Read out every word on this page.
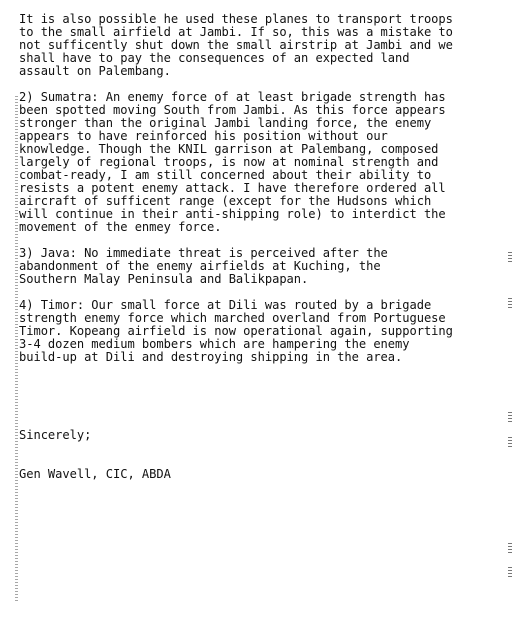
It is also possible he used these planes to transport troops
to the small airfield at Jambi. If so, this was a mistake to
not sufficently shut down the small airstrip at Jambi and we
shall have to pay the consequences of an expected land
assault on Palembang.

2) Sumatra: An enemy force of at least brigade strength has
been spotted moving South from Jambi. As this force appears
stronger than the original Jambi landing force, the enemy
appears to have reinforced his position without our
knowledge. Though the KNIL garrison at Palembang, composed
largely of regional troops, is now at nominal strength and
combat-ready, I am still concerned about their ability to
resists a potent enemy attack. I have therefore ordered all
aircraft of sufficent range (except for the Hudsons which
will continue in their anti-shipping role) to interdict the
movement of the enmey force.

3) Java: No immediate threat is perceived after the
abandonment of the enemy airfields at Kuching, the
Southern Malay Peninsula and Balikpapan.

4) Timor: Our small force at Dili was routed by a brigade
strength enemy force which marched overland from Portuguese
Timor. Kopeang airfield is now operational again, supporting
3-4 dozen medium bombers which are hampering the enemy
build-up at Dili and destroying shipping in the area.

Sincerely;

Gen Wavell, CIC, ABDA
